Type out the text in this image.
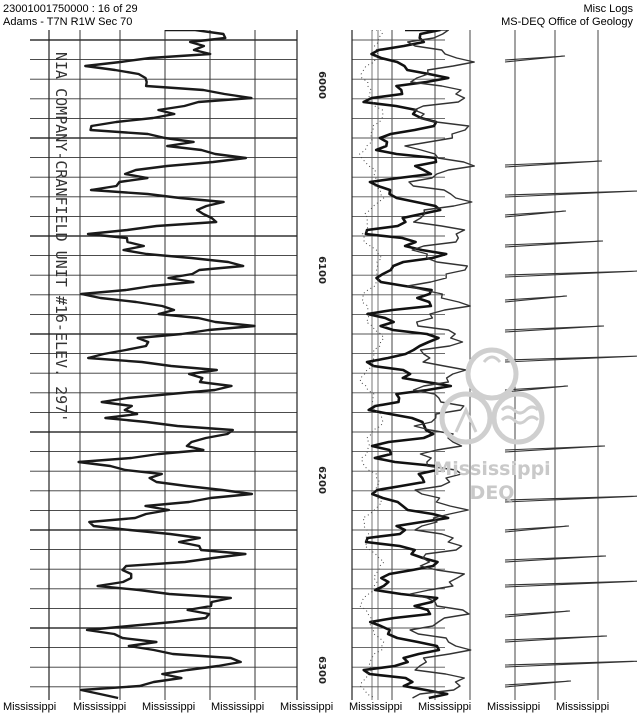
23001001750000 : 16 of 29
Adams - T7N R1W Sec 70
Misc Logs
MS-DEQ Office of Geology
6000
6100
6200
6300
NIA COMPANY-CRANFIELD UNIT #16-ELEV. 297'
Mississippi
DEQ
Mississippi Mississippi Mississippi Mississippi Mississippi Mississippi Mississippi Mississippi Mississippi
